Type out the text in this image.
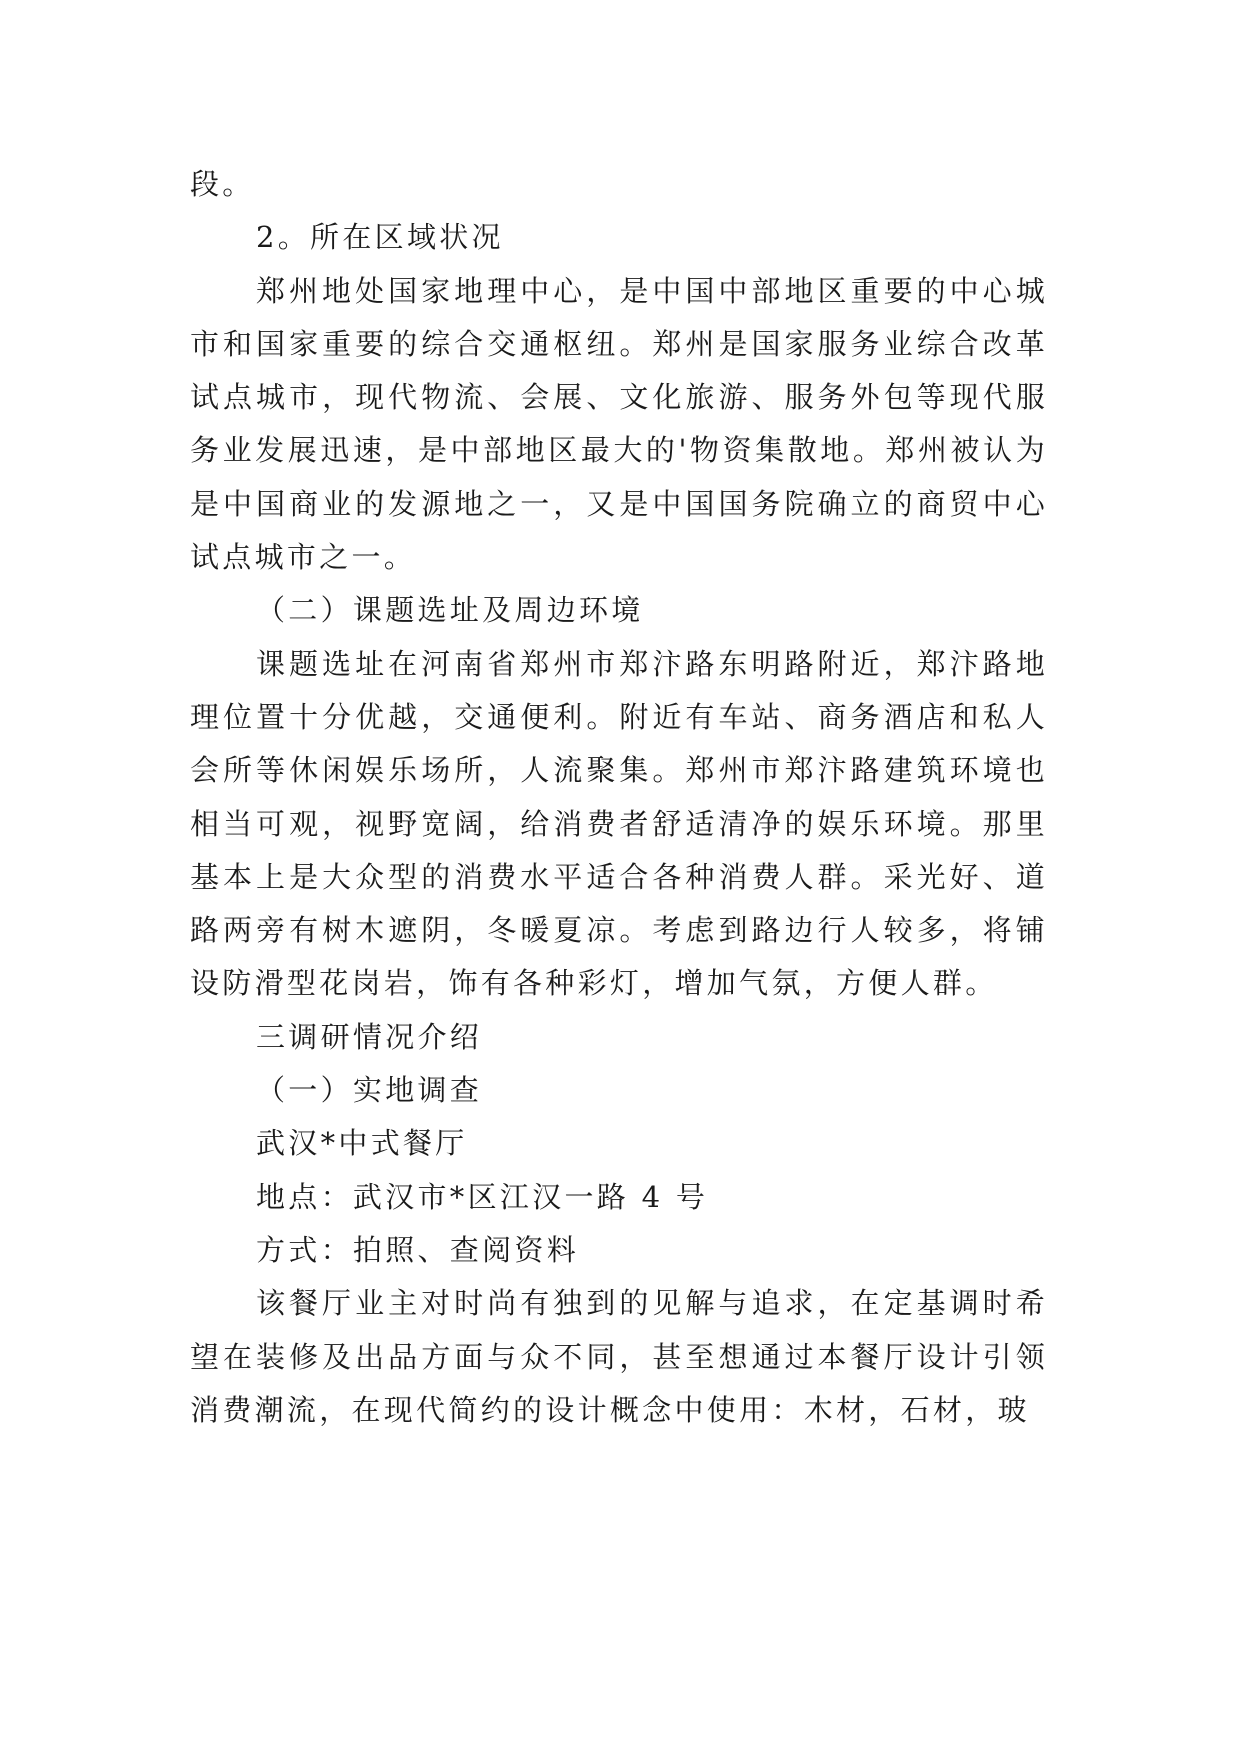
段。

2。所在区域状况

郑州地处国家地理中心，是中国中部地区重要的中心城市和国家重要的综合交通枢纽。郑州是国家服务业综合改革试点城市，现代物流、会展、文化旅游、服务外包等现代服务业发展迅速，是中部地区最大的'物资集散地。郑州被认为是中国商业的发源地之一，又是中国国务院确立的商贸中心试点城市之一。

（二）课题选址及周边环境

课题选址在河南省郑州市郑汴路东明路附近，郑汴路地理位置十分优越，交通便利。附近有车站、商务酒店和私人会所等休闲娱乐场所，人流聚集。郑州市郑汴路建筑环境也相当可观，视野宽阔，给消费者舒适清净的娱乐环境。那里基本上是大众型的消费水平适合各种消费人群。采光好、道路两旁有树木遮阴，冬暖夏凉。考虑到路边行人较多，将铺设防滑型花岗岩，饰有各种彩灯，增加气氛，方便人群。

三调研情况介绍

（一）实地调查

武汉*中式餐厅

地点：武汉市*区江汉一路 4 号

方式：拍照、查阅资料

该餐厅业主对时尚有独到的见解与追求，在定基调时希望在装修及出品方面与众不同，甚至想通过本餐厅设计引领消费潮流，在现代简约的设计概念中使用：木材，石材，玻
